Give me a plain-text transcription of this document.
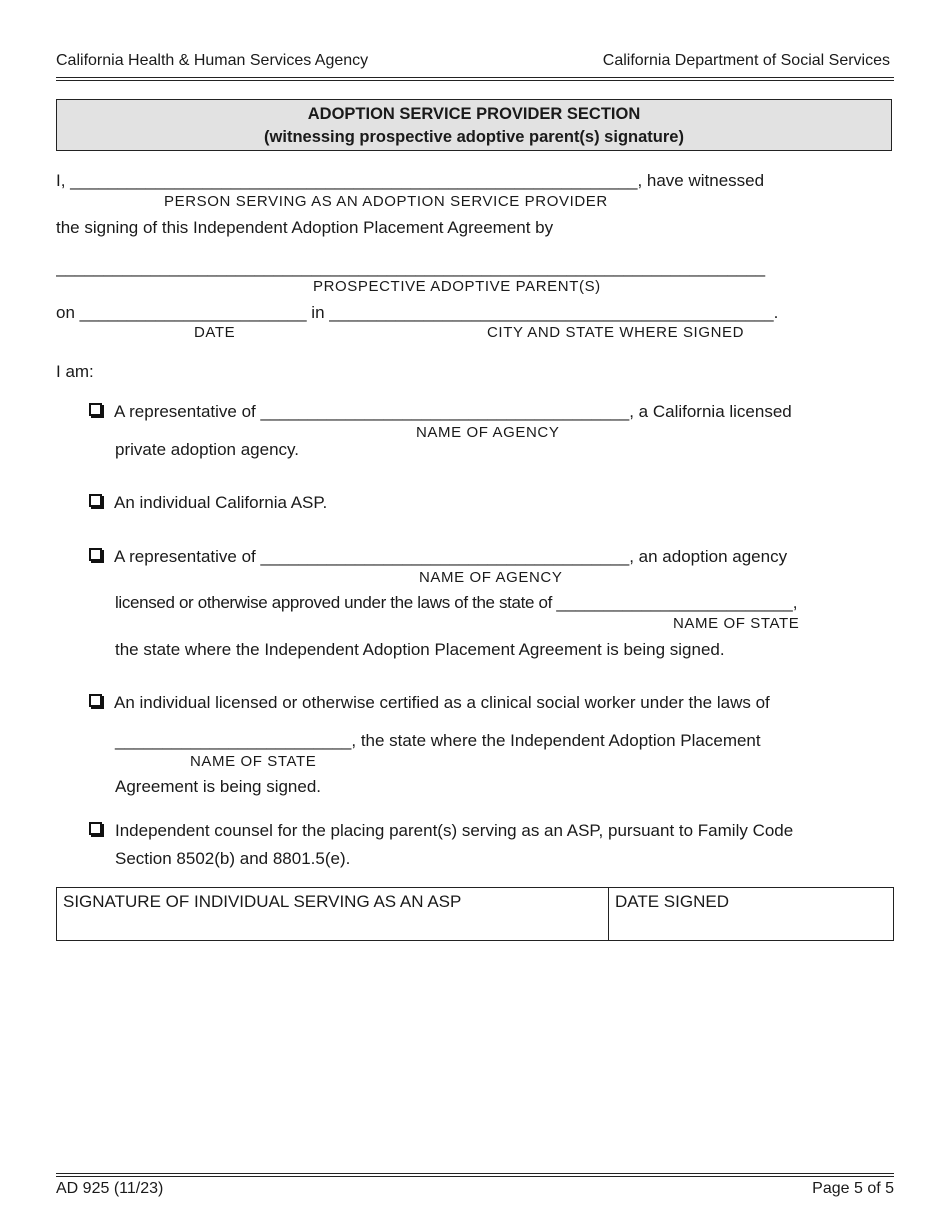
California Health & Human Services Agency	California Department of Social Services
ADOPTION SERVICE PROVIDER SECTION
(witnessing prospective adoptive parent(s) signature)
I, ____________________________________________________________, have witnessed
PERSON SERVING AS AN ADOPTION SERVICE PROVIDER
the signing of this Independent Adoption Placement Agreement by
___________________________________________________________________________
PROSPECTIVE ADOPTIVE PARENT(S)
on ________________________ in _______________________________________________.
DATE	CITY AND STATE WHERE SIGNED
I am:
A representative of _______________________________________, a California licensed
NAME OF AGENCY
private adoption agency.
An individual California ASP.
A representative of _______________________________________, an adoption agency
NAME OF AGENCY
licensed or otherwise approved under the laws of the state of _________________________,
NAME OF STATE
the state where the Independent Adoption Placement Agreement is being signed.
An individual licensed or otherwise certified as a clinical social worker under the laws of
_________________________, the state where the Independent Adoption Placement
NAME OF STATE
Agreement is being signed.
Independent counsel for the placing parent(s) serving as an ASP, pursuant to Family Code
Section 8502(b) and 8801.5(e).
SIGNATURE OF INDIVIDUAL SERVING AS AN ASP	DATE SIGNED
AD 925 (11/23)	Page 5 of 5
